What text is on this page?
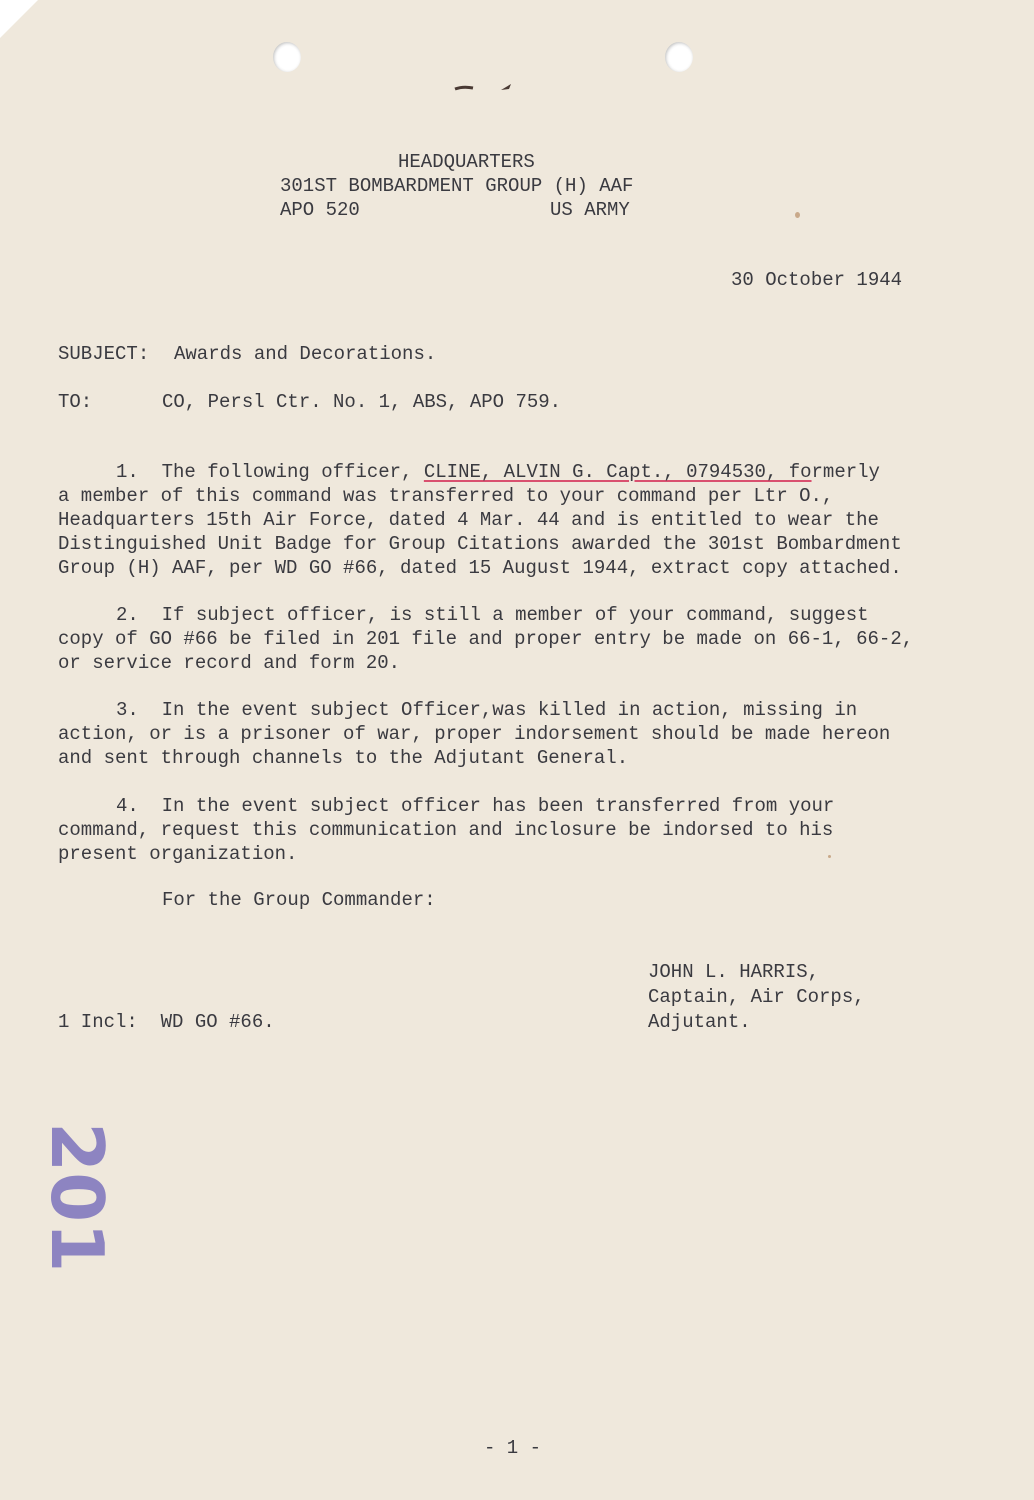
HEADQUARTERS
301ST BOMBARDMENT GROUP (H) AAF
APO 520	US ARMY
30 October 1944
SUBJECT: Awards and Decorations.
TO:	CO, Persl Ctr. No. 1, ABS, APO 759.
1.  The following officer, CLINE, ALVIN G. Capt., 0794530, formerly
a member of this command was transferred to your command per Ltr O.,
Headquarters 15th Air Force, dated 4 Mar. 44 and is entitled to wear the
Distinguished Unit Badge for Group Citations awarded the 301st Bombardment
Group (H) AAF, per WD GO #66, dated 15 August 1944, extract copy attached.
2.  If subject officer, is still a member of your command, suggest
copy of GO #66 be filed in 201 file and proper entry be made on 66-1, 66-2,
or service record and form 20.
3.  In the event subject Officer,was killed in action, missing in
action, or is a prisoner of war, proper indorsement should be made hereon
and sent through channels to the Adjutant General.
4.  In the event subject officer has been transferred from your
command, request this communication and inclosure be indorsed to his
present organization.
For the Group Commander:
JOHN L. HARRIS,
Captain, Air Corps,
Adjutant.
1 Incl:  WD GO #66.
201
- 1 -
